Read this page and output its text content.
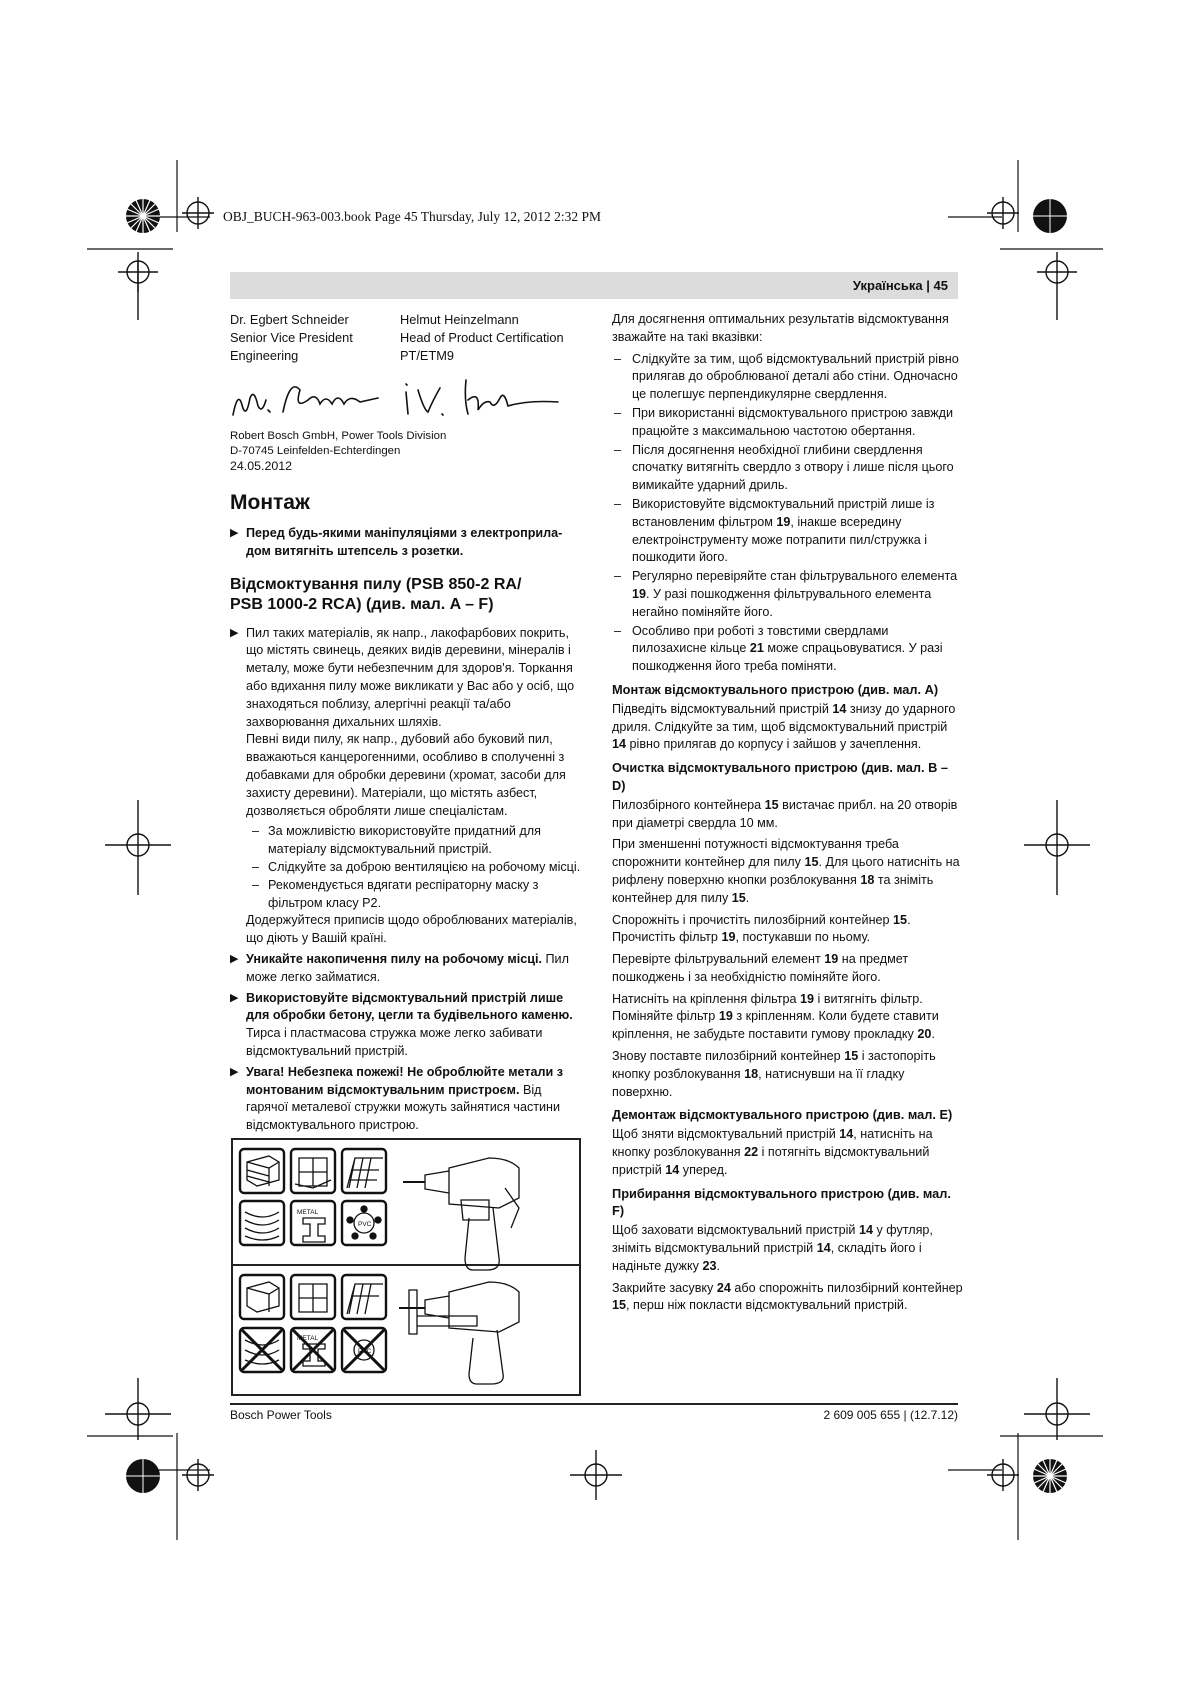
OBJ_BUCH-963-003.book Page 45 Thursday, July 12, 2012 2:32 PM
Українська | 45
Dr. Egbert Schneider
Senior Vice President
Engineering
Helmut Heinzelmann
Head of Product Certification
PT/ETM9
Robert Bosch GmbH, Power Tools Division
D-70745 Leinfelden-Echterdingen
24.05.2012
Монтаж
▶ Перед будь-якими маніпуляціями з електроприла-дом витягніть штепсель з розетки.
Відсмоктування пилу (PSB 850-2 RA/
PSB 1000-2 RCA) (див. мал. A – F)
▶ Пил таких матеріалів, як напр., лакофарбових покрить, що містять свинець, деяких видів деревини, мінералів і металу, може бути небезпечним для здоров'я. Торкання або вдихання пилу може викликати у Вас або у осіб, що знаходяться поблизу, алергічні реакції та/або захворювання дихальних шляхів.
Певні види пилу, як напр., дубовий або буковий пил, вважаються канцерогенними, особливо в сполученні з добавками для обробки деревини (хромат, засоби для захисту деревини). Матеріали, що містять азбест, дозволяється обробляти лише спеціалістам.
– За можливістю використовуйте придатний для матеріалу відсмоктувальний пристрій.
– Слідкуйте за доброю вентиляцією на робочому місці.
– Рекомендується вдягати респіраторну маску з фільтром класу P2.
Додержуйтеся приписів щодо оброблюваних матеріалів, що діють у Вашій країні.
▶ Уникайте накопичення пилу на робочому місці. Пил може легко займатися.
▶ Використовуйте відсмоктувальний пристрій лише для обробки бетону, цегли та будівельного каменю. Тирса і пластмасова стружка може легко забивати відсмоктувальний пристрій.
▶ Увага! Небезпека пожежі! Не оброблюйте метали з монтованим відсмоктувальним пристроєм. Від гарячої металевої стружки можуть зайнятися частини відсмоктувального пристрою.
METAL
PVC
METAL
PVC

Для досягнення оптимальних результатів відсмоктування зважайте на такі вказівки:

– Слідкуйте за тим, щоб відсмоктувальний пристрій рівно прилягав до оброблюваної деталі або стіни. Одночасно це полегшує перпендикулярне свердлення.
– При використанні відсмоктувального пристрою завжди працюйте з максимальною частотою обертання.
– Після досягнення необхідної глибини свердлення спочатку витягніть свердло з отвору і лише після цього вимикайте ударний дриль.
– Використовуйте відсмоктувальний пристрій лише із встановленим фільтром 19, інакше всередину електроінструменту може потрапити пил/стружка і пошкодити його.
– Регулярно перевіряйте стан фільтрувального елемента 19. У разі пошкодження фільтрувального елемента негайно поміняйте його.
– Особливо при роботі з товстими свердлами пилозахисне кільце 21 може спрацьовуватися. У разі пошкодження його треба поміняти.
Монтаж відсмоктувального пристрою (див. мал. A)

Підведіть відсмоктувальний пристрій 14 знизу до ударного дриля. Слідкуйте за тим, щоб відсмоктувальний пристрій 14 рівно прилягав до корпусу і зайшов у зачеплення.

Очистка відсмоктувального пристрою (див. мал. B – D)

Пилозбірного контейнера 15 вистачає прибл. на 20 отворів при діаметрі свердла 10 мм.

При зменшенні потужності відсмоктування треба спорожнити контейнер для пилу 15. Для цього натисніть на рифлену поверхню кнопки розблокування 18 та зніміть контейнер для пилу 15.

Спорожніть і прочистіть пилозбірний контейнер 15. Прочистіть фільтр 19, постукавши по ньому.

Перевірте фільтрувальний елемент 19 на предмет пошкоджень і за необхідністю поміняйте його.

Натисніть на кріплення фільтра 19 і витягніть фільтр. Поміняйте фільтр 19 з кріпленням. Коли будете ставити кріплення, не забудьте поставити гумову прокладку 20.

Знову поставте пилозбірний контейнер 15 і застопоріть кнопку розблокування 18, натиснувши на її гладку поверхню.

Демонтаж відсмоктувального пристрою (див. мал. E)

Щоб зняти відсмоктувальний пристрій 14, натисніть на кнопку розблокування 22 і потягніть відсмоктувальний пристрій 14 уперед.

Прибирання відсмоктувального пристрою (див. мал. F)

Щоб заховати відсмоктувальний пристрій 14 у футляр, зніміть відсмоктувальний пристрій 14, складіть його і надіньте дужку 23.

Закрийте засувку 24 або спорожніть пилозбірний контейнер 15, перш ніж покласти відсмоктувальний пристрій.

Bosch Power Tools	2 609 005 655 | (12.7.12)
